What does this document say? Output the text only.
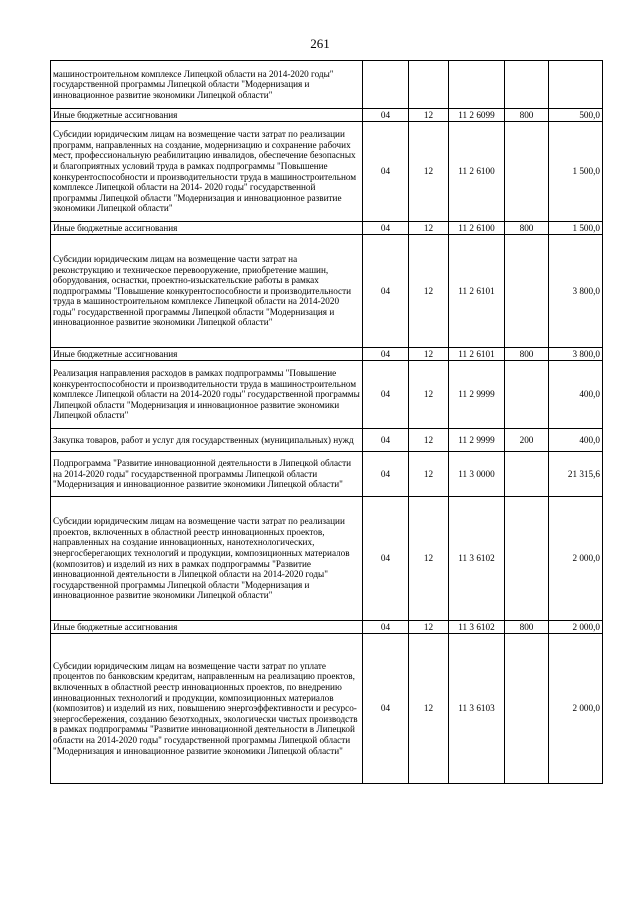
261
машиностроительном комплексе Липецкой области на 2014-2020 годы" государственной программы Липецкой области "Модернизация и инновационное развитие экономики Липецкой области"					
Иные бюджетные ассигнования	04	12	11 2 6099	800	500,0
Субсидии юридическим лицам на возмещение части затрат по реализации программ, направленных на создание, модернизацию и сохранение рабочих мест, профессиональную реабилитацию инвалидов, обеспечение безопасных и благоприятных условий труда в рамках подпрограммы "Повышение конкурентоспособности и производительности труда в машиностроительном комплексе Липецкой области на 2014- 2020 годы" государственной программы Липецкой области "Модернизация и инновационное развитие экономики Липецкой области"	04	12	11 2 6100		1 500,0
Иные бюджетные ассигнования	04	12	11 2 6100	800	1 500,0
Субсидии юридическим лицам на возмещение части затрат на реконструкцию и техническое перевооружение, приобретение машин, оборудования, оснастки, проектно-изыскательские работы в рамках подпрограммы "Повышение конкурентоспособности и производительности труда в машиностроительном комплексе Липецкой области на 2014-2020 годы" государственной программы Липецкой области "Модернизация и инновационное развитие экономики Липецкой области"	04	12	11 2 6101		3 800,0
Иные бюджетные ассигнования	04	12	11 2 6101	800	3 800,0
Реализация направления расходов в рамках подпрограммы "Повышение конкурентоспособности и производительности труда в машиностроительном комплексе Липецкой области на 2014-2020 годы" государственной программы Липецкой области "Модернизация и инновационное развитие экономики Липецкой области"	04	12	11 2 9999		400,0
Закупка товаров, работ и услуг для государственных (муниципальных) нужд	04	12	11 2 9999	200	400,0
Подпрограмма "Развитие инновационной деятельности в Липецкой области на 2014-2020 годы" государственной программы Липецкой области "Модернизация и инновационное развитие экономики Липецкой области"	04	12	11 3 0000		21 315,6
Субсидии юридическим лицам на возмещение части затрат по реализации проектов, включенных в областной реестр инновационных проектов, направленных на создание инновационных, нанотехнологических, энергосберегающих технологий и продукции, композиционных материалов (композитов) и изделий из них в рамках подпрограммы "Развитие инновационной деятельности в Липецкой области на 2014-2020 годы" государственной программы Липецкой области "Модернизация и инновационное развитие экономики Липецкой области"	04	12	11 3 6102		2 000,0
Иные бюджетные ассигнования	04	12	11 3 6102	800	2 000,0
Субсидии юридическим лицам на возмещение части затрат по уплате процентов по банковским кредитам, направленным на реализацию проектов, включенных в областной реестр инновационных проектов, по внедрению инновационных технологий и продукции, композиционных материалов (композитов) и изделий из них, повышению энергоэффективности и ресурсо-энергосбережения, созданию безотходных, экологически чистых производств в рамках подпрограммы "Развитие инновационной деятельности в Липецкой области на 2014-2020 годы" государственной программы Липецкой области "Модернизация и инновационное развитие экономики Липецкой области"	04	12	11 3 6103		2 000,0
